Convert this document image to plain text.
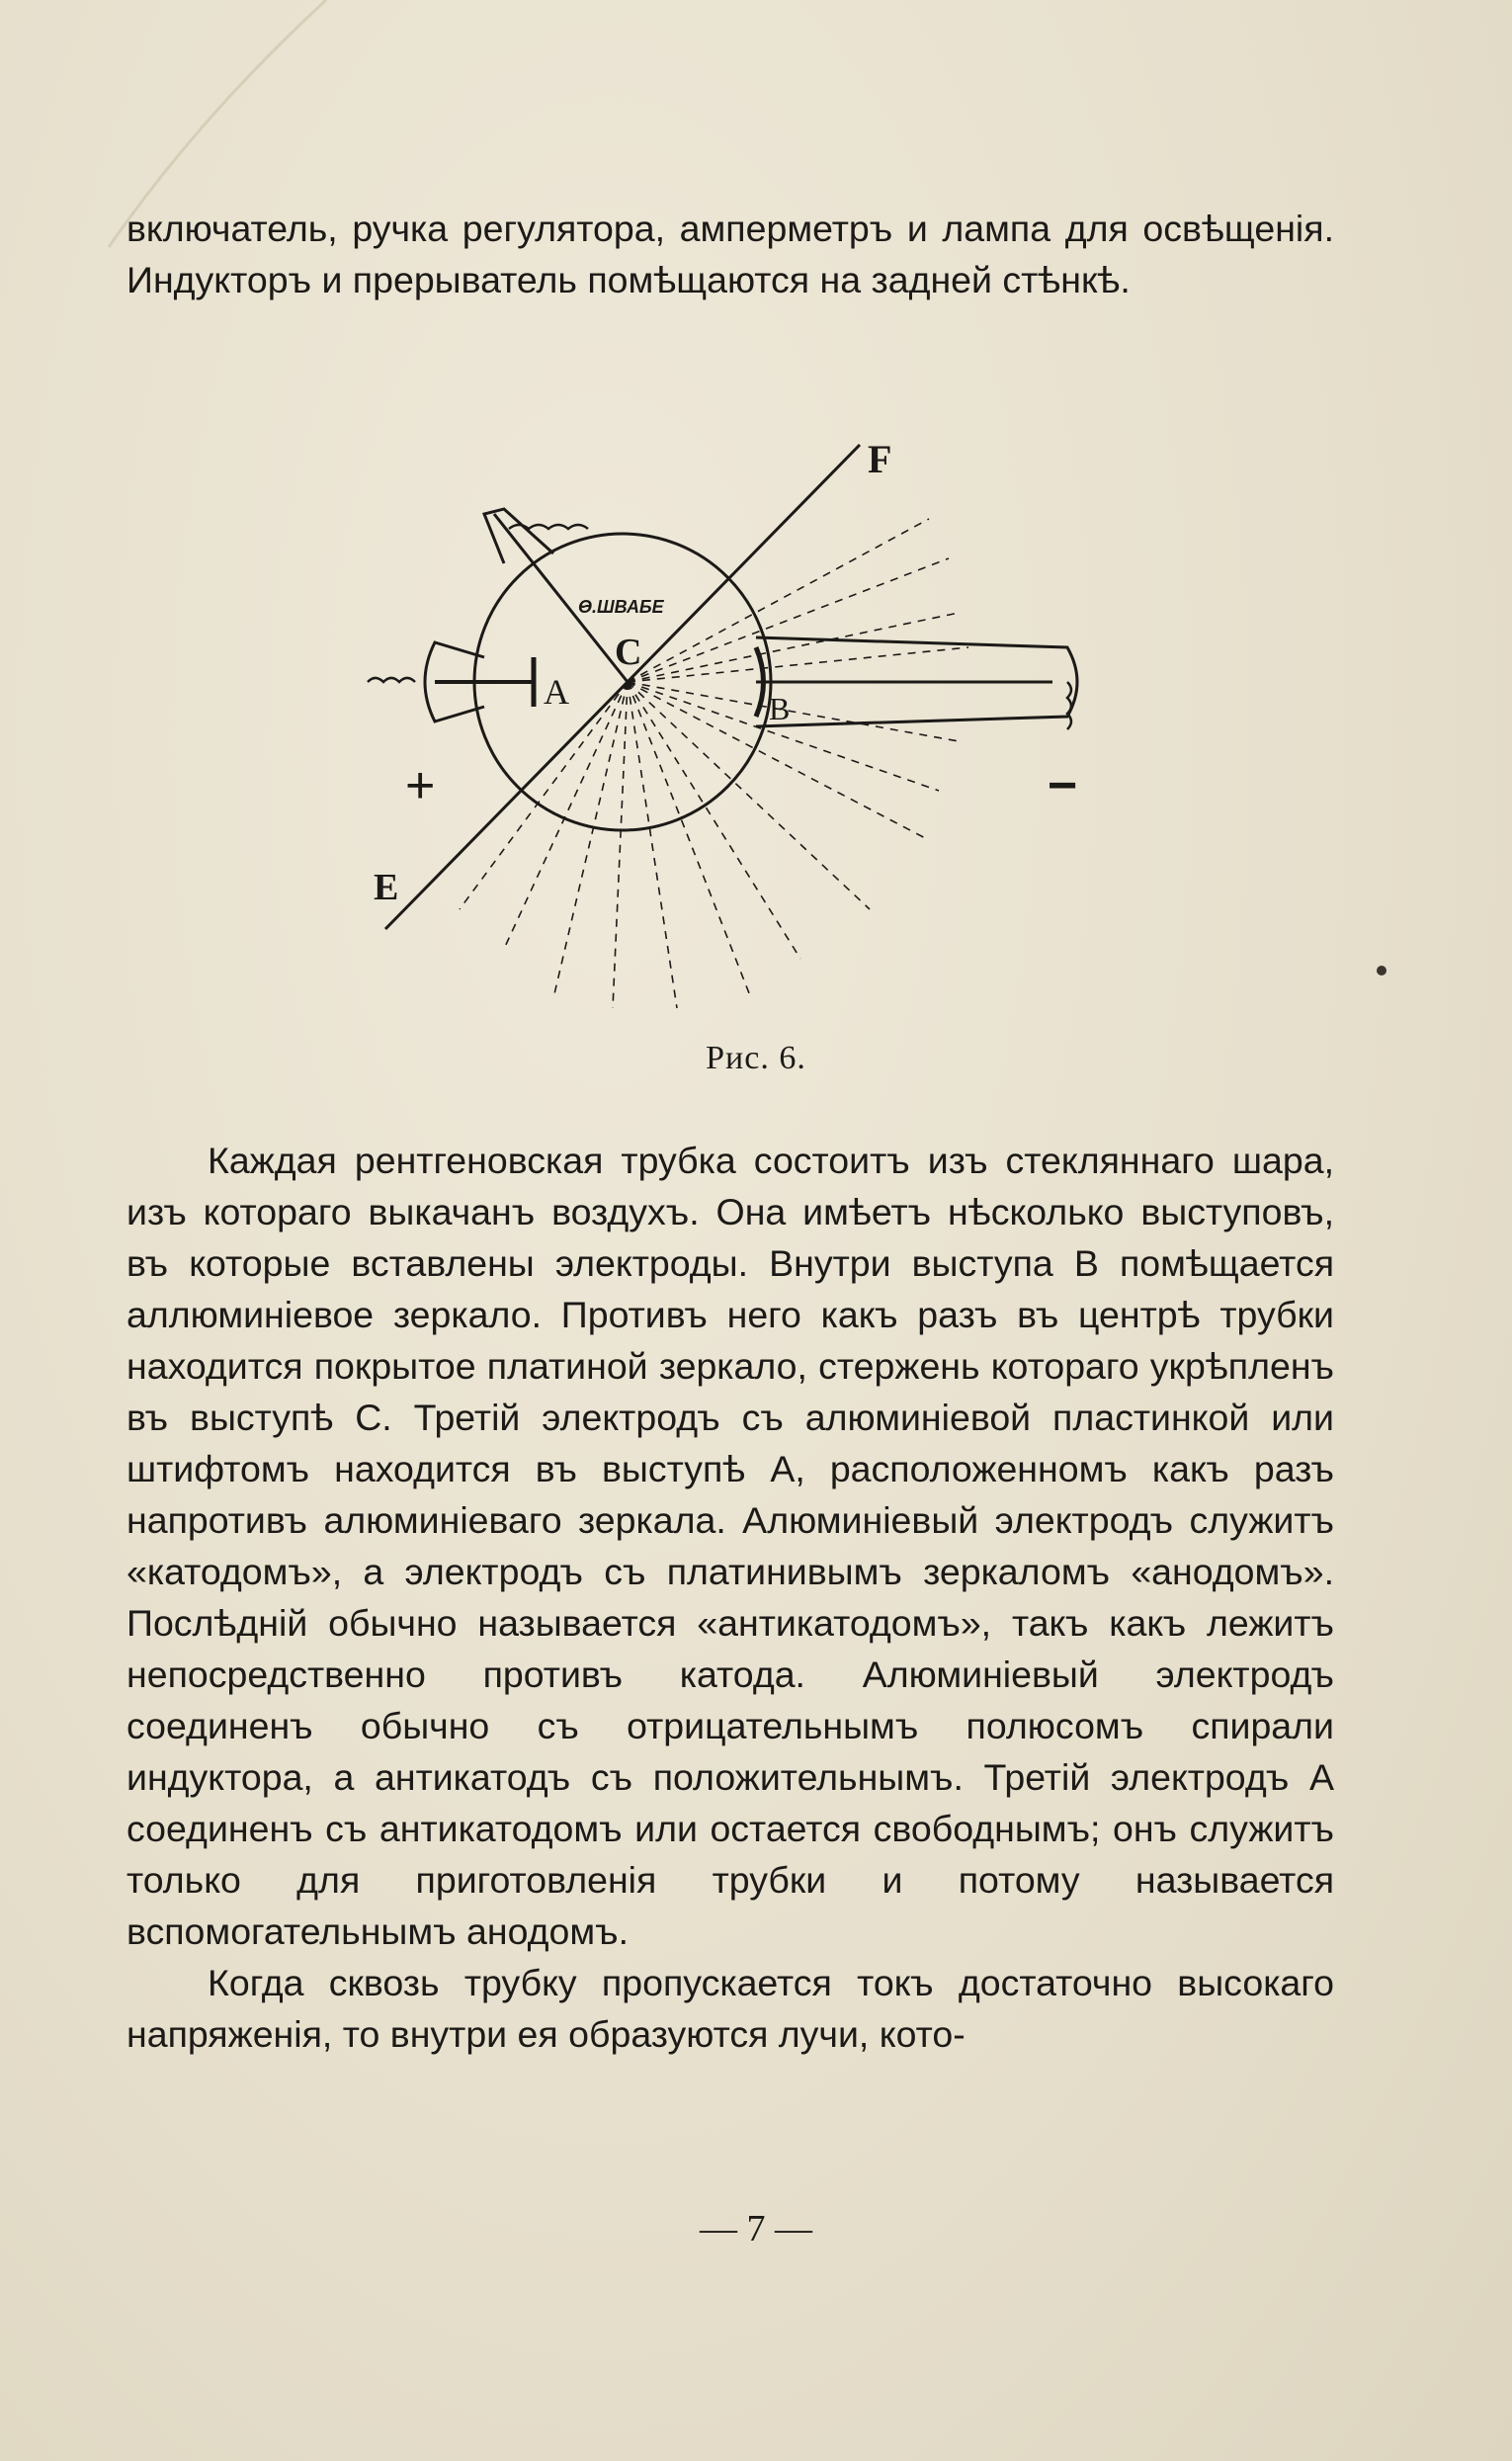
включатель, ручка регулятора, амперметръ и лампа для освѣщенія. Индукторъ и прерыватель помѣщаются на задней стѣнкѣ.

F
E
A	B
C
Ѳ.ШВАБЕ
+	−
Рис. 6.

Каждая рентгеновская трубка состоитъ изъ стекляннаго шара, изъ котораго выкачанъ воздухъ. Она имѣетъ нѣсколько выступовъ, въ которые вставлены электроды. Внутри выступа В помѣщается аллюминіевое зеркало. Противъ него какъ разъ въ центрѣ трубки находится покрытое платиной зеркало, стержень котораго укрѣпленъ въ выступѣ С. Третій электродъ съ алюминіевой пластинкой или штифтомъ находится въ выступѣ А, расположенномъ какъ разъ напротивъ алюминіеваго зеркала. Алюминіевый электродъ служитъ «катодомъ», а электродъ съ платинивымъ зеркаломъ «анодомъ». Послѣдній обычно называется «антикатодомъ», такъ какъ лежитъ непосредственно противъ катода. Алюминіевый электродъ соединенъ обычно съ отрицательнымъ полюсомъ спирали индуктора, а антикатодъ съ положительнымъ. Третій электродъ А соединенъ съ антикатодомъ или остается свободнымъ; онъ служитъ только для приготовленія трубки и потому называется вспомогательнымъ анодомъ.

Когда сквозь трубку пропускается токъ достаточно высокаго напряженія, то внутри ея образуются лучи, кото-

— 7 —
